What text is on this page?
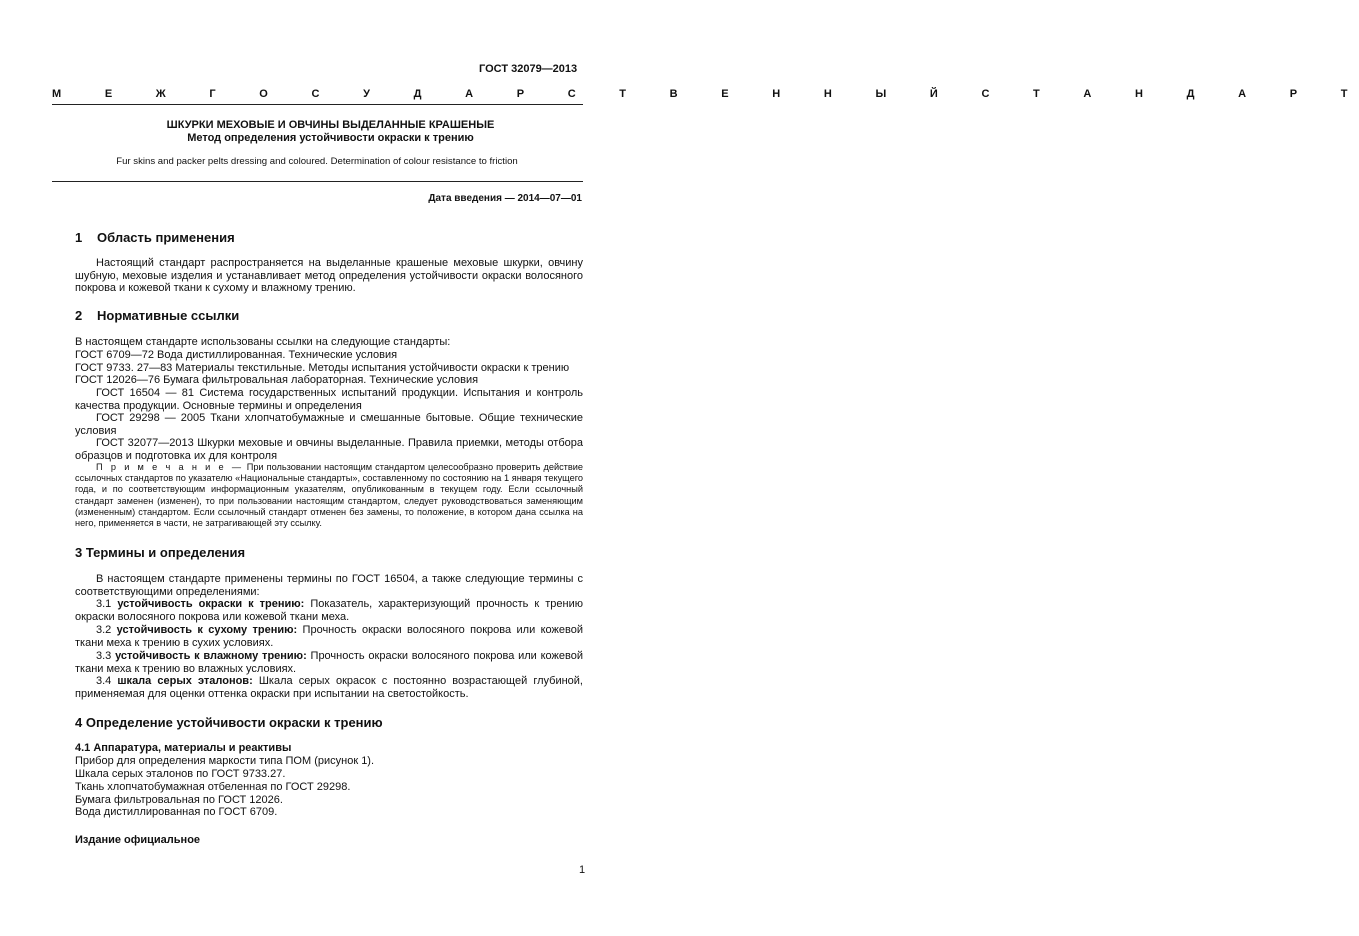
ГОСТ 32079—2013
М Е Ж Г О С У Д А Р С Т В Е Н Н Ы Й С Т А Н Д А Р Т
ШКУРКИ МЕХОВЫЕ И ОВЧИНЫ ВЫДЕЛАННЫЕ КРАШЕНЫЕ
Метод определения устойчивости окраски к трению
Fur skins and packer pelts dressing and coloured. Determination of colour resistance to friction
Дата введения — 2014—07—01
1 Область применения
Настоящий стандарт распространяется на выделанные крашеные меховые шкурки, овчину шубную, меховые изделия и устанавливает метод определения устойчивости окраски волосяного покрова и кожевой ткани к сухому и влажному трению.
2 Нормативные ссылки
В настоящем стандарте использованы ссылки на следующие стандарты:
ГОСТ 6709—72 Вода дистиллированная. Технические условия
ГОСТ 9733. 27—83 Материалы текстильные. Методы испытания устойчивости окраски к трению
ГОСТ 12026—76 Бумага фильтровальная лабораторная. Технические условия
ГОСТ 16504 — 81 Система государственных испытаний продукции. Испытания и контроль качества продукции. Основные термины и определения
ГОСТ 29298 — 2005 Ткани хлопчатобумажные и смешанные бытовые. Общие технические условия
ГОСТ 32077—2013 Шкурки меховые и овчины выделанные. Правила приемки, методы отбора образцов и подготовка их для контроля
П р и м е ч а н и е — При пользовании настоящим стандартом целесообразно проверить действие ссылочных стандартов по указателю «Национальные стандарты», составленному по состоянию на 1 января текущего года, и по соответствующим информационным указателям, опубликованным в текущем году. Если ссылочный стандарт заменен (изменен), то при пользовании настоящим стандартом, следует руководствоваться заменяющим (измененным) стандартом. Если ссылочный стандарт отменен без замены, то положение, в котором дана ссылка на него, применяется в части, не затрагивающей эту ссылку.
3 Термины и определения
В настоящем стандарте применены термины по ГОСТ 16504, а также следующие термины с соответствующими определениями:
3.1 устойчивость окраски к трению: Показатель, характеризующий прочность к трению окраски волосяного покрова или кожевой ткани меха.
3.2 устойчивость к сухому трению: Прочность окраски волосяного покрова или кожевой ткани меха к трению в сухих условиях.
3.3 устойчивость к влажному трению: Прочность окраски волосяного покрова или кожевой ткани меха к трению во влажных условиях.
3.4 шкала серых эталонов: Шкала серых окрасок с постоянно возрастающей глубиной, применяемая для оценки оттенка окраски при испытании на светостойкость.
4 Определение устойчивости окраски к трению
4.1 Аппаратура, материалы и реактивы
Прибор для определения маркости типа ПОМ (рисунок 1).
Шкала серых эталонов по ГОСТ 9733.27.
Ткань хлопчатобумажная отбеленная по ГОСТ 29298.
Бумага фильтровальная по ГОСТ 12026.
Вода дистиллированная по ГОСТ 6709.
Издание официальное
1
